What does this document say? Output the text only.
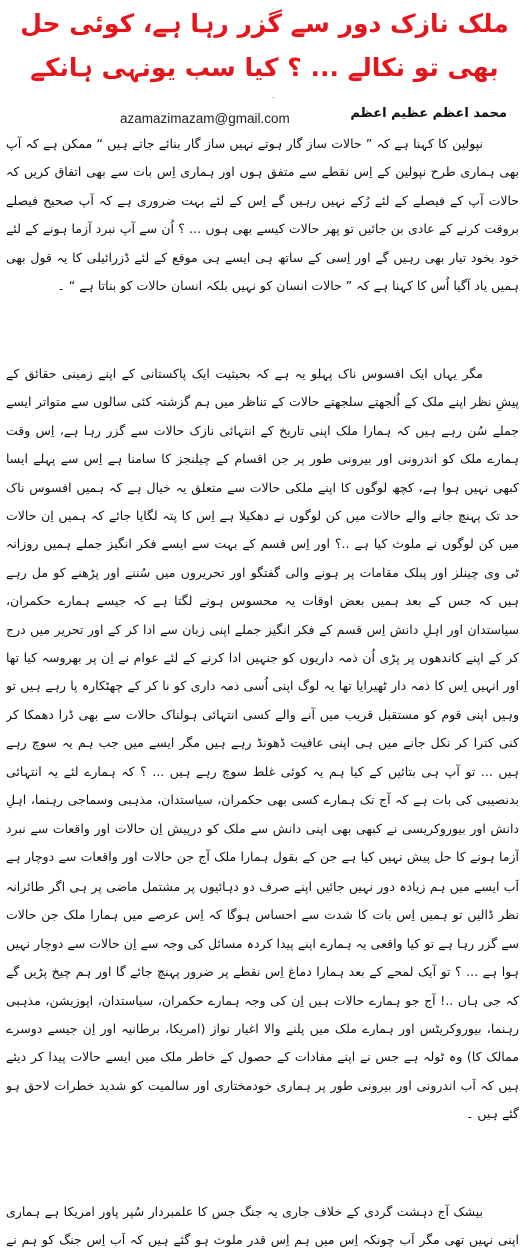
ملک نازک دور سے گزر رہا ہے، کوئی حل بھی تو نکالے ... ؟ کیا سب یونہی ہانکے
azamazimazam@gmail.com	محمد اعظم عظیم اعظم

نپولین کا کہنا ہے کہ ” حالات ساز گار ہوتے نہیں ساز گار بنائے جاتے ہیں “ ممکن ہے کہ آپ بھی ہماری طرح نپولین کے اِس نقطے سے متفق ہوں اور ہماری اِس بات سے بھی اتفاق کریں کہ حالات آپ کے فیصلے کے لئے رُکے نہیں رہیں گے اِس کے لئے بہت ضروری ہے کہ آپ صحیح فیصلے بروقت کرنے کے عادی بن جائیں تو پھر حالات کیسے بھی ہوں ... ؟ اُن سے آپ نبرد آزما ہونے کے لئے خود بخود تیار بھی رہیں گے اور اِسی کے ساتھ ہی ایسے ہی موقع کے لئے ڈزرائیلی کا یہ قول بھی ہمیں یاد آگیا اُس کا کہنا ہے کہ ” حالات انسان کو نہیں بلکہ انسان حالات کو بناتا ہے “ ۔

مگر یہاں ایک افسوس ناک پہلو یہ ہے کہ بحیثیت ایک پاکستانی کے اپنے زمینی حقائق کے پیشِ نظر اپنے ملک کے اُلجھتے سلجھتے حالات کے تناظر میں ہم گزشتہ کئی سالوں سے متواتر ایسے جملے سُن رہے ہیں کہ ہمارا ملک اپنی تاریخ کے انتہائی نازک حالات سے گزر رہا ہے، اِس وقت ہمارے ملک کو اندرونی اور بیرونی طور پر جن اقسام کے چیلنجز کا سامنا ہے اِس سے پہلے ایسا کبھی نہیں ہوا ہے، کچھ لوگوں کا اپنے ملکی حالات سے متعلق یہ خیال ہے کہ ہمیں افسوس ناک حد تک پہنچ جانے والے حالات میں کن لوگوں نے دھکیلا ہے اِس کا پتہ لگایا جائے کہ ہمیں اِن حالات میں کن لوگوں نے ملوث کیا ہے ..؟ اور اِس قسم کے بہت سے ایسے فکر انگیز جملے ہمیں روزانہ ٹی وی چینلز اور پبلک مقامات پر ہونے والی گفتگو اور تحریروں میں سُننے اور پڑھنے کو مل رہے ہیں کہ جس کے بعد ہمیں بعض اوقات یہ محسوس ہونے لگتا ہے کہ جیسے ہمارے حکمران، سیاستدان اور اہلِ دانش اِس قسم کے فکر انگیز جملے اپنی زبان سے ادا کر کے اور تحریر میں درج کر کے اپنے کاندھوں پر پڑی اُن ذمہ داریوں کو جنہیں ادا کرنے کے لئے عوام نے اِن پر بھروسہ کیا تھا اور انہیں اِس کا ذمہ دار ٹھیرایا تھا یہ لوگ اپنی اُسی ذمہ داری کو نا کر کے چھٹکارہ پا رہے ہیں تو وہیں اپنی قوم کو مستقبل قریب میں آنے والے کسی انتہائی ہولناک حالات سے بھی ڈرا دھمکا کر کنی کترا کر نکل جانے میں ہی اپنی عافیت ڈھونڈ رہے ہیں مگر ایسے میں جب ہم یہ سوچ رہے ہیں ... تو آپ ہی بتائیں کے کیا ہم یہ کوئی غلط سوچ رہے ہیں ... ؟ کہ ہمارے لئے یہ انتہائی بدنصیبی کی بات ہے کہ آج تک ہمارے کسی بھی حکمران، سیاستدان، مذہبی وسماجی رہنما، اہلِ دانش اور بیوروکریسی نے کبھی بھی اپنی دانش سے ملک کو درپیش اِن حالات اور واقعات سے نبرد آزما ہونے کا حل پیش نہیں کیا ہے جن کے بقول ہمارا ملک آج جن حالات اور واقعات سے دوچار ہے

اَب ایسے میں ہم زیادہ دور نہیں جائیں اپنے صرف دو دہائیوں پر مشتمل ماضی پر ہی اگر طائرانہ نظر ڈالیں تو ہمیں اِس بات کا شدت سے احساس ہوگا کہ اِس عرصے میں ہمارا ملک جن حالات سے گزر رہا ہے تو کیا واقعی یہ ہمارے اپنے پیدا کردہ مسائل کی وجہ سے اِن حالات سے دوچار نہیں ہوا ہے ... ؟ تو آیک لمحے کے بعد ہمارا دماغ اِس نقطے پر ضرور پہنچ جائے گا اور ہم چیخ پڑیں گے کہ جی ہاں ..! آج جو ہمارے حالات ہیں اِن کی وجہ ہمارے حکمران، سیاستدان، اپوزیشن، مذہبی رہنما، بیوروکریٹس اور ہمارے ملک میں پلنے والا اغیار نواز (امریکا، برطانیہ اور اِن جیسے دوسرے ممالک کا) وہ ٹولہ ہے جس نے اپنے مفادات کے حصول کے خاطر ملک میں ایسے حالات پیدا کر دیئے ہیں کہ اَب اندرونی اور بیرونی طور پر ہماری خودمختاری اور سالمیت کو شدید خطرات لاحق ہو گئے ہیں ۔

بیشک آج دہشت گردی کے خلاف جاری یہ جنگ جس کا علمبردار سُپر پاور امریکا ہے ہماری اپنی نہیں تھی مگر اَب چونکہ اِس میں ہم اِس قدر ملوث ہو گئے ہیں کہ اَب اِس جنگ کو ہم نے
